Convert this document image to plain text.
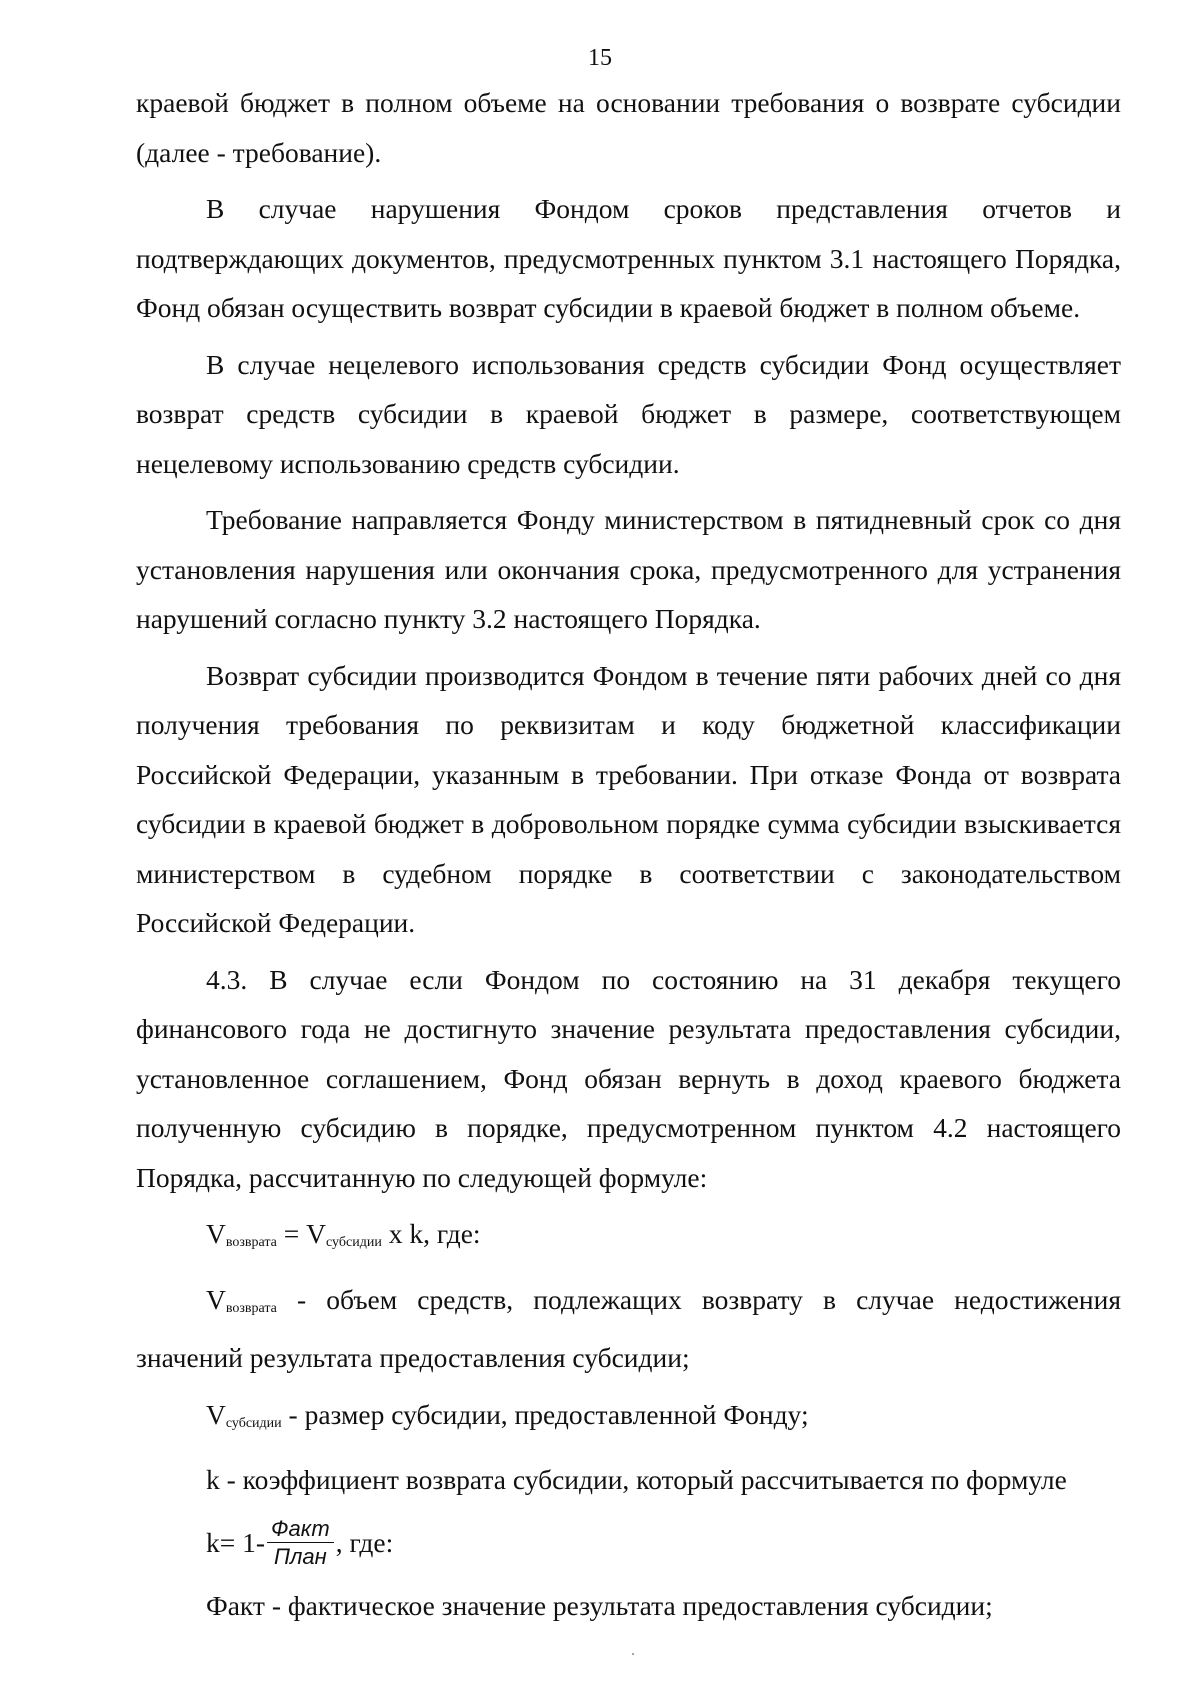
15

краевой бюджет в полном объеме на основании требования о возврате субсидии (далее - требование).

В случае нарушения Фондом сроков представления отчетов и подтверждающих документов, предусмотренных пунктом 3.1 настоящего Порядка, Фонд обязан осуществить возврат субсидии в краевой бюджет в полном объеме.

В случае нецелевого использования средств субсидии Фонд осуществляет возврат средств субсидии в краевой бюджет в размере, соответствующем нецелевому использованию средств субсидии.

Требование направляется Фонду министерством в пятидневный срок со дня установления нарушения или окончания срока, предусмотренного для устранения нарушений согласно пункту 3.2 настоящего Порядка.

Возврат субсидии производится Фондом в течение пяти рабочих дней со дня получения требования по реквизитам и коду бюджетной классификации Российской Федерации, указанным в требовании. При отказе Фонда от возврата субсидии в краевой бюджет в добровольном порядке сумма субсидии взыскивается министерством в судебном порядке в соответствии с законодательством Российской Федерации.

4.3. В случае если Фондом по состоянию на 31 декабря текущего финансового года не достигнуто значение результата предоставления субсидии, установленное соглашением, Фонд обязан вернуть в доход краевого бюджета полученную субсидию в порядке, предусмотренном пунктом 4.2 настоящего Порядка, рассчитанную по следующей формуле:

$V_{возврата} = V_{субсидии}$ x k, где:

$V_{возврата}$ - объем средств, подлежащих возврату в случае недостижения значений результата предоставления субсидии;

$V_{субсидии}$ - размер субсидии, предоставленной Фонду;

k - коэффициент возврата субсидии, который рассчитывается по формуле

$k= 1- \frac{\text{Факт}}{\text{План}}$ , где:

Факт - фактическое значение результата предоставления субсидии;
